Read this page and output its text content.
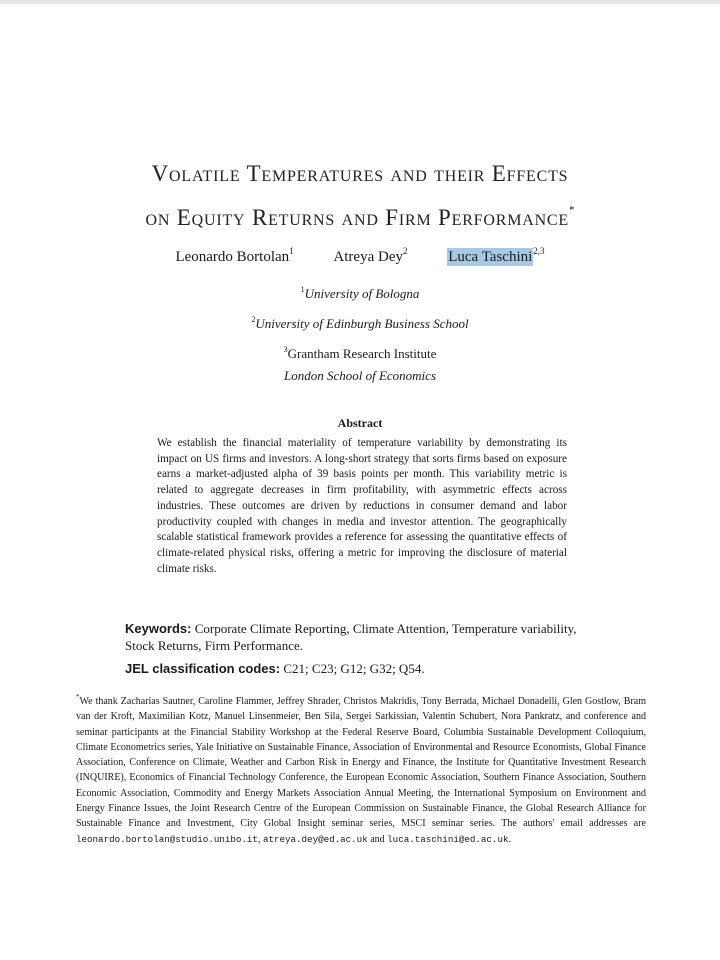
Volatile Temperatures and their Effects
on Equity Returns and Firm Performance*
Leonardo Bortolan$^1$	Atreya Dey$^2$	Luca Taschini$^{2,3}$
$^1$University of Bologna
$^2$University of Edinburgh Business School
$^3$Grantham Research Institute
London School of Economics
Abstract
We establish the financial materiality of temperature variability by demonstrating its impact on US firms and investors. A long-short strategy that sorts firms based on exposure earns a market-adjusted alpha of 39 basis points per month. This variability metric is related to aggregate decreases in firm profitability, with asymmetric effects across industries. These outcomes are driven by reductions in consumer demand and labor productivity coupled with changes in media and investor attention. The geographically scalable statistical framework provides a reference for assessing the quantitative effects of climate-related physical risks, offering a metric for improving the disclosure of material climate risks.
Keywords: Corporate Climate Reporting, Climate Attention, Temperature variability, Stock Returns, Firm Performance.
JEL classification codes: C21; C23; G12; G32; Q54.
*We thank Zacharias Sautner, Caroline Flammer, Jeffrey Shrader, Christos Makridis, Tony Berrada, Michael Donadelli, Glen Gostlow, Bram van der Kroft, Maximilian Kotz, Manuel Linsenmeier, Ben Sila, Sergei Sarkissian, Valentin Schubert, Nora Pankratz, and conference and seminar participants at the Financial Stability Workshop at the Federal Reserve Board, Columbia Sustainable Development Colloquium, Climate Econometrics series, Yale Initiative on Sustainable Finance, Association of Environmental and Resource Economists, Global Finance Association, Conference on Climate, Weather and Carbon Risk in Energy and Finance, the Institute for Quantitative Investment Research (INQUIRE), Economics of Financial Technology Conference, the European Economic Association, Southern Finance Association, Southern Economic Association, Commodity and Energy Markets Association Annual Meeting, the International Symposium on Environment and Energy Finance Issues, the Joint Research Centre of the European Commission on Sustainable Finance, the Global Research Alliance for Sustainable Finance and Investment, City Global Insight seminar series, MSCI seminar series. The authors' email addresses are leonardo.bortolan@studio.unibo.it, atreya.dey@ed.ac.uk and luca.taschini@ed.ac.uk.
